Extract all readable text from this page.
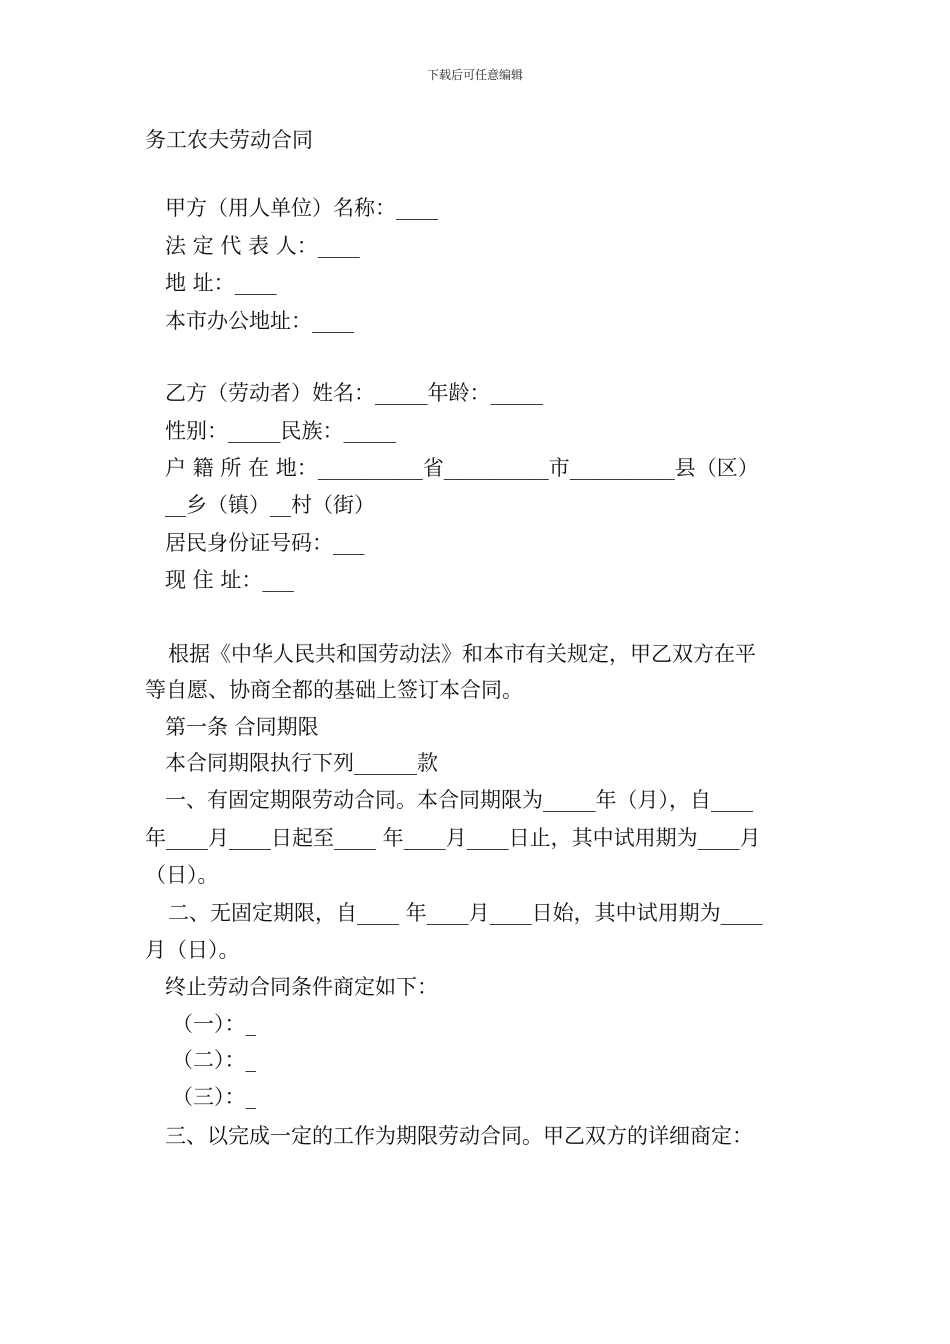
下载后可任意编辑
务工农夫劳动合同
甲方（用人单位）名称：____
法 定 代 表 人：____
地 址：____
本市办公地址：____
乙方（劳动者）姓名：_____年龄：_____
性别：_____民族：_____
户 籍 所 在 地：__________省__________市__________县（区）
__乡（镇）__村（街）
居民身份证号码：___
现 住 址：___
根据《中华人民共和国劳动法》和本市有关规定，甲乙双方在平
等自愿、协商全都的基础上签订本合同。
第一条 合同期限
本合同期限执行下列______款
一、有固定期限劳动合同。本合同期限为_____年（月），自____
年____月____日起至____ 年____月____日止，其中试用期为____月
（日）。
二、无固定期限，自____ 年____月____日始，其中试用期为____
月（日）。
终止劳动合同条件商定如下：
（一）：_
（二）：_
（三）：_
三、以完成一定的工作为期限劳动合同。甲乙双方的详细商定：
